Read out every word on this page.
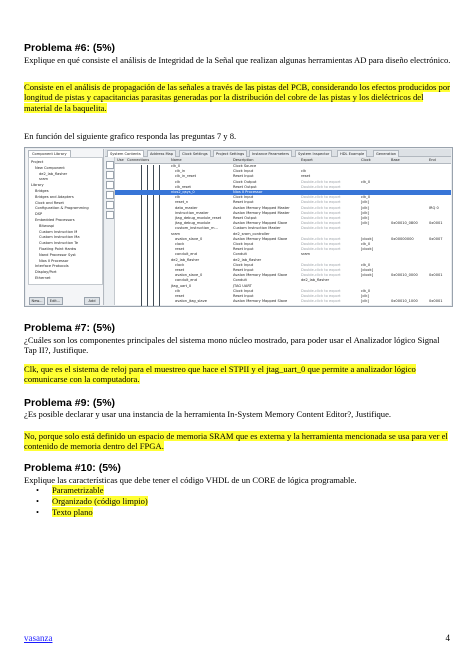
Problema #6: (5%)
Explique en qué consiste el análisis de Integridad de la Señal que realizan algunas herramientas AD para diseño electrónico.
Consiste en el análisis de propagación de las señales a través de las pistas del PCB, considerando los efectos producidos por longitud de pistas y capacitancias parasitas generadas por la distribución del cobre de las pistas y los dieléctricos del material de la baquelita.
En función del siguiente grafico responda las preguntas 7 y 8.
Component Library
Project
New Component
de2_lab_flasher
sram
Library
Bridges
Bridges and Adapters
Clock and Reset
Configuration & Programming
DSP
Embedded Processors
Bitwuspi
Custom Instruction M
Custom Instruction Ma
Custom Instruction Te
Floating Point Hardw
Nand Processor Syst
Nios II Processor
Interface Protocols
Display/Port
Ethernet
New...	Edit...	Add
System Contents	Address Map	Clock Settings	Project Settings	Instance Parameters	System Inspector	HDL Example	Generation
Use Connections	Name	Description	Export	Clock	Base	End
clk_0	Clock Source
clk_in	Clock Input	clk
clk_in_reset	Reset Input	reset
clk	Clock Output	Double-click to export	clk_0
clk_reset	Reset Output	Double-click to export
nios2_qsys_0	Nios II Processor
clk	Clock Input	Double-click to export	clk_0
reset_n	Reset Input	Double-click to export	[clk]
data_master	Avalon Memory Mapped Master	Double-click to export	[clk]	IRQ 0
instruction_master	Avalon Memory Mapped Master	Double-click to export	[clk]
jtag_debug_module_reset	Reset Output	Double-click to export	[clk]
jtag_debug_module	Avalon Memory Mapped Slave	Double-click to export	[clk]	0x00010_0800	0x0001
custom_instruction_m...	Custom Instruction Master	Double-click to export
sram	de2_sram_controller
avalon_slave_0	Avalon Memory Mapped Slave	Double-click to export	[clock]	0x00000000	0x0007
clock	Clock Input	Double-click to export	clk_0
reset	Reset Input	Double-click to export	[clock]
conduit_end	Conduit	sram
de2_lab_flasher	de2_lab_flasher
clock	Clock Input	Double-click to export	clk_0
reset	Reset Input	Double-click to export	[clock]
avalon_slave_0	Avalon Memory Mapped Slave	Double-click to export	[clock]	0x00010_0000	0x0001
conduit_end	Conduit	de2_lab_flasher
jtag_uart_0	JTAG UART
clk	Clock Input	Double-click to export	clk_0
reset	Reset Input	Double-click to export	[clk]
avalon_jtag_slave	Avalon Memory Mapped Slave	Double-click to export	[clk]	0x00010_1000	0x0001
Problema #7: (5%)
¿Cuáles son los componentes principales del sistema mono núcleo mostrado, para poder usar el Analizador lógico Signal Tap II?, Justifique.
Clk, que es el sistema de reloj para el muestreo que hace el STPII y el jtag_uart_0 que permite a analizador lógico comunicarse con la computadora.
Problema #9: (5%)
¿Es posible declarar y usar una instancia de la herramienta In-System Memory Content Editor?, Justifique.
No, porque solo está definido un espacio de memoria SRAM que es externa y la herramienta mencionada se usa para ver el contenido de memoria dentro del FPGA.
Problema #10: (5%)
Explique las características que debe tener el código VHDL de un CORE de lógica programable.
• Parametrizable
• Organizado (código limpio)
• Texto plano
vasanza	4
